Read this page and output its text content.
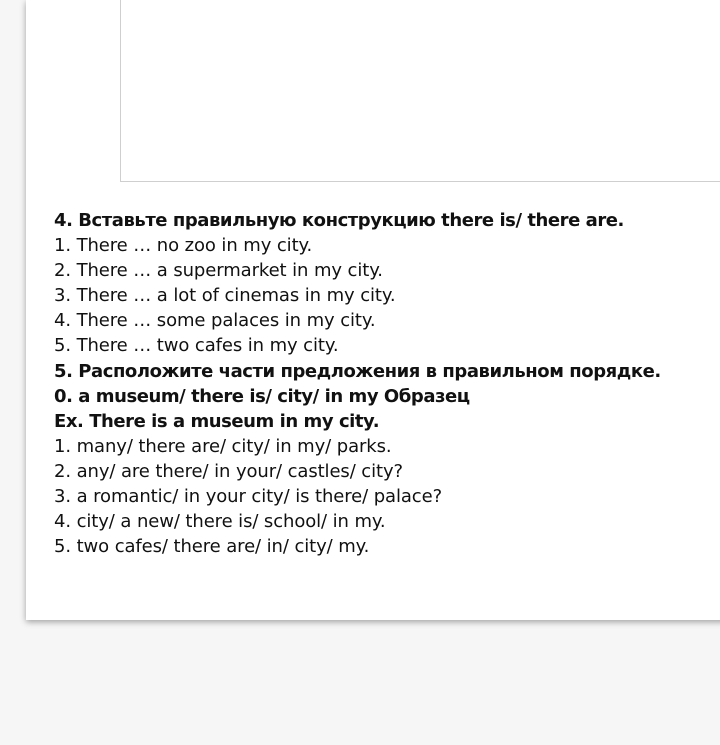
4. Вставьте правильную конструкцию there is/ there are.
1. There … no zoo in my city.
2. There … a supermarket in my city.
3. There … a lot of cinemas in my city.
4. There … some palaces in my city.
5. There … two cafes in my city.
5. Расположите части предложения в правильном порядке.
0. a museum/ there is/ city/ in my Образец
Ex. There is a museum in my city.
1. many/ there are/ city/ in my/ parks.
2. any/ are there/ in your/ castles/ city?
3. a romantic/ in your city/ is there/ palace?
4. city/ a new/ there is/ school/ in my.
5. two cafes/ there are/ in/ city/ my.
